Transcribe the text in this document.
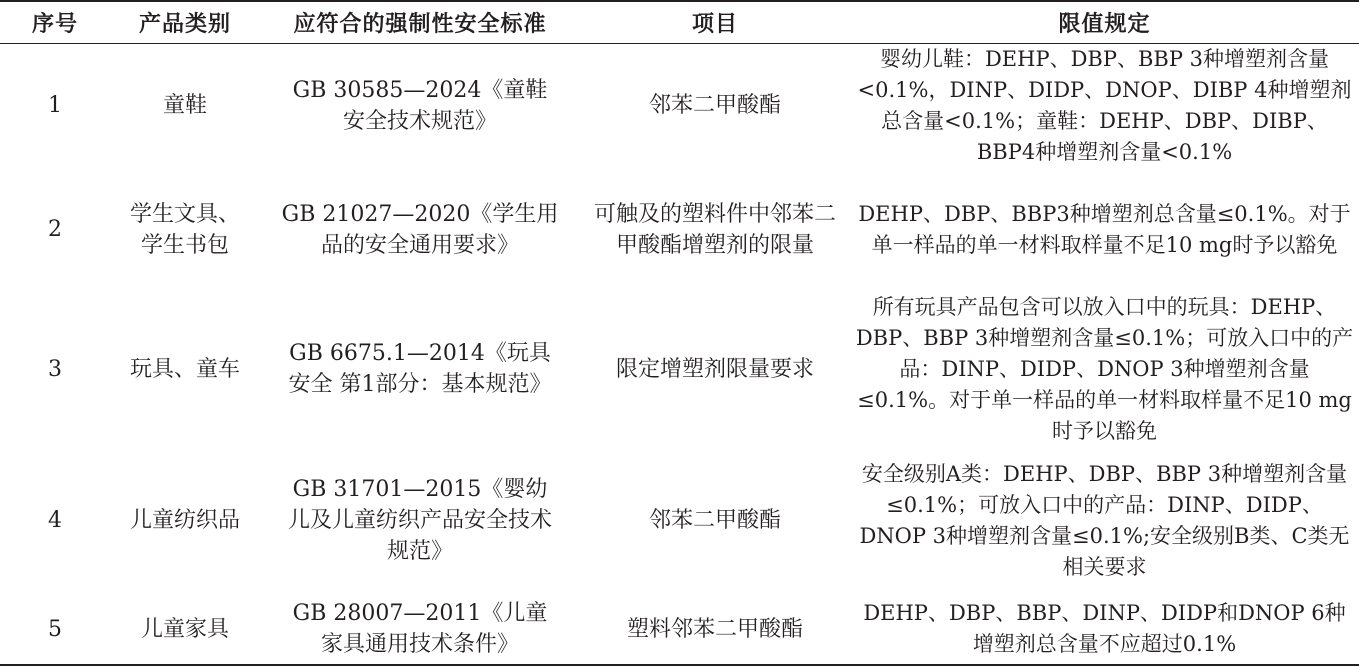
序号	产品类别	应符合的强制性安全标准	项目	限值规定
1	童鞋	GB 30585—2024《童鞋安全技术规范》	邻苯二甲酸酯	婴幼儿鞋：DEHP、DBP、BBP 3种增塑剂含量<0.1%，DINP、DIDP、DNOP、DIBP 4种增塑剂总含量<0.1%；童鞋：DEHP、DBP、DIBP、BBP4种增塑剂含量<0.1%
2	学生文具、学生书包	GB 21027—2020《学生用品的安全通用要求》	可触及的塑料件中邻苯二甲酸酯增塑剂的限量	DEHP、DBP、BBP3种增塑剂总含量≤0.1%。对于单一样品的单一材料取样量不足10 mg时予以豁免
3	玩具、童车	GB 6675.1—2014《玩具安全 第1部分：基本规范》	限定增塑剂限量要求	所有玩具产品包含可以放入口中的玩具：DEHP、DBP、BBP 3种增塑剂含量≤0.1%；可放入口中的产品：DINP、DIDP、DNOP 3种增塑剂含量≤0.1%。对于单一样品的单一材料取样量不足10 mg时予以豁免
4	儿童纺织品	GB 31701—2015《婴幼儿及儿童纺织产品安全技术规范》	邻苯二甲酸酯	安全级别A类：DEHP、DBP、BBP 3种增塑剂含量≤0.1%；可放入口中的产品：DINP、DIDP、DNOP 3种增塑剂含量≤0.1%;安全级别B类、C类无相关要求
5	儿童家具	GB 28007—2011《儿童家具通用技术条件》	塑料邻苯二甲酸酯	DEHP、DBP、BBP、DINP、DIDP和DNOP 6种增塑剂总含量不应超过0.1%
